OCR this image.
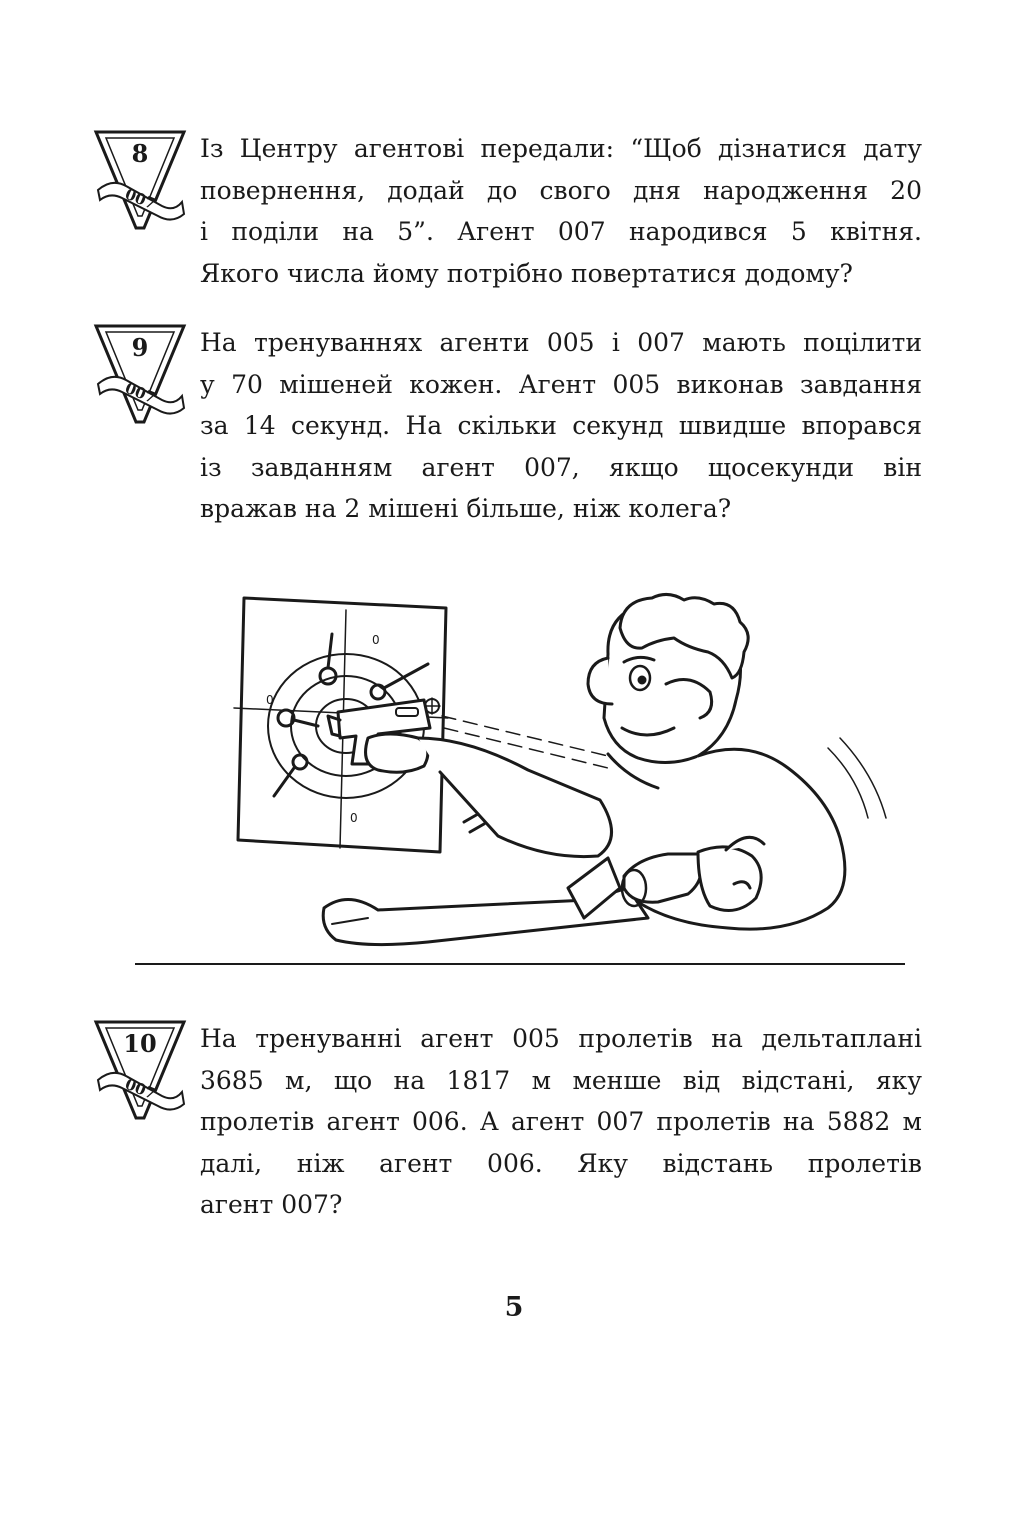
8
007

Із Центру агентові передали: “Щоб дізнатися дату
повернення, додай до свого дня народження 20
і поділи на 5”. Агент 007 народився 5 квітня.
Якого числа йому потрібно повертатися додому?

9
007

На тренуваннях агенти 005 і 007 мають поцілити
у 70 мішеней кожен. Агент 005 виконав завдання
за 14 секунд. На скільки секунд швидше впорався
із завданням агент 007, якщо щосекунди він
вражав на 2 мішені більше, ніж колега?

0
0
0
10
007

На тренуванні агент 005 пролетів на дельтаплані
3685 м, що на 1817 м менше від відстані, яку
пролетів агент 006. А агент 007 пролетів на 5882 м
далі, ніж агент 006. Яку відстань пролетів
агент 007?

5
